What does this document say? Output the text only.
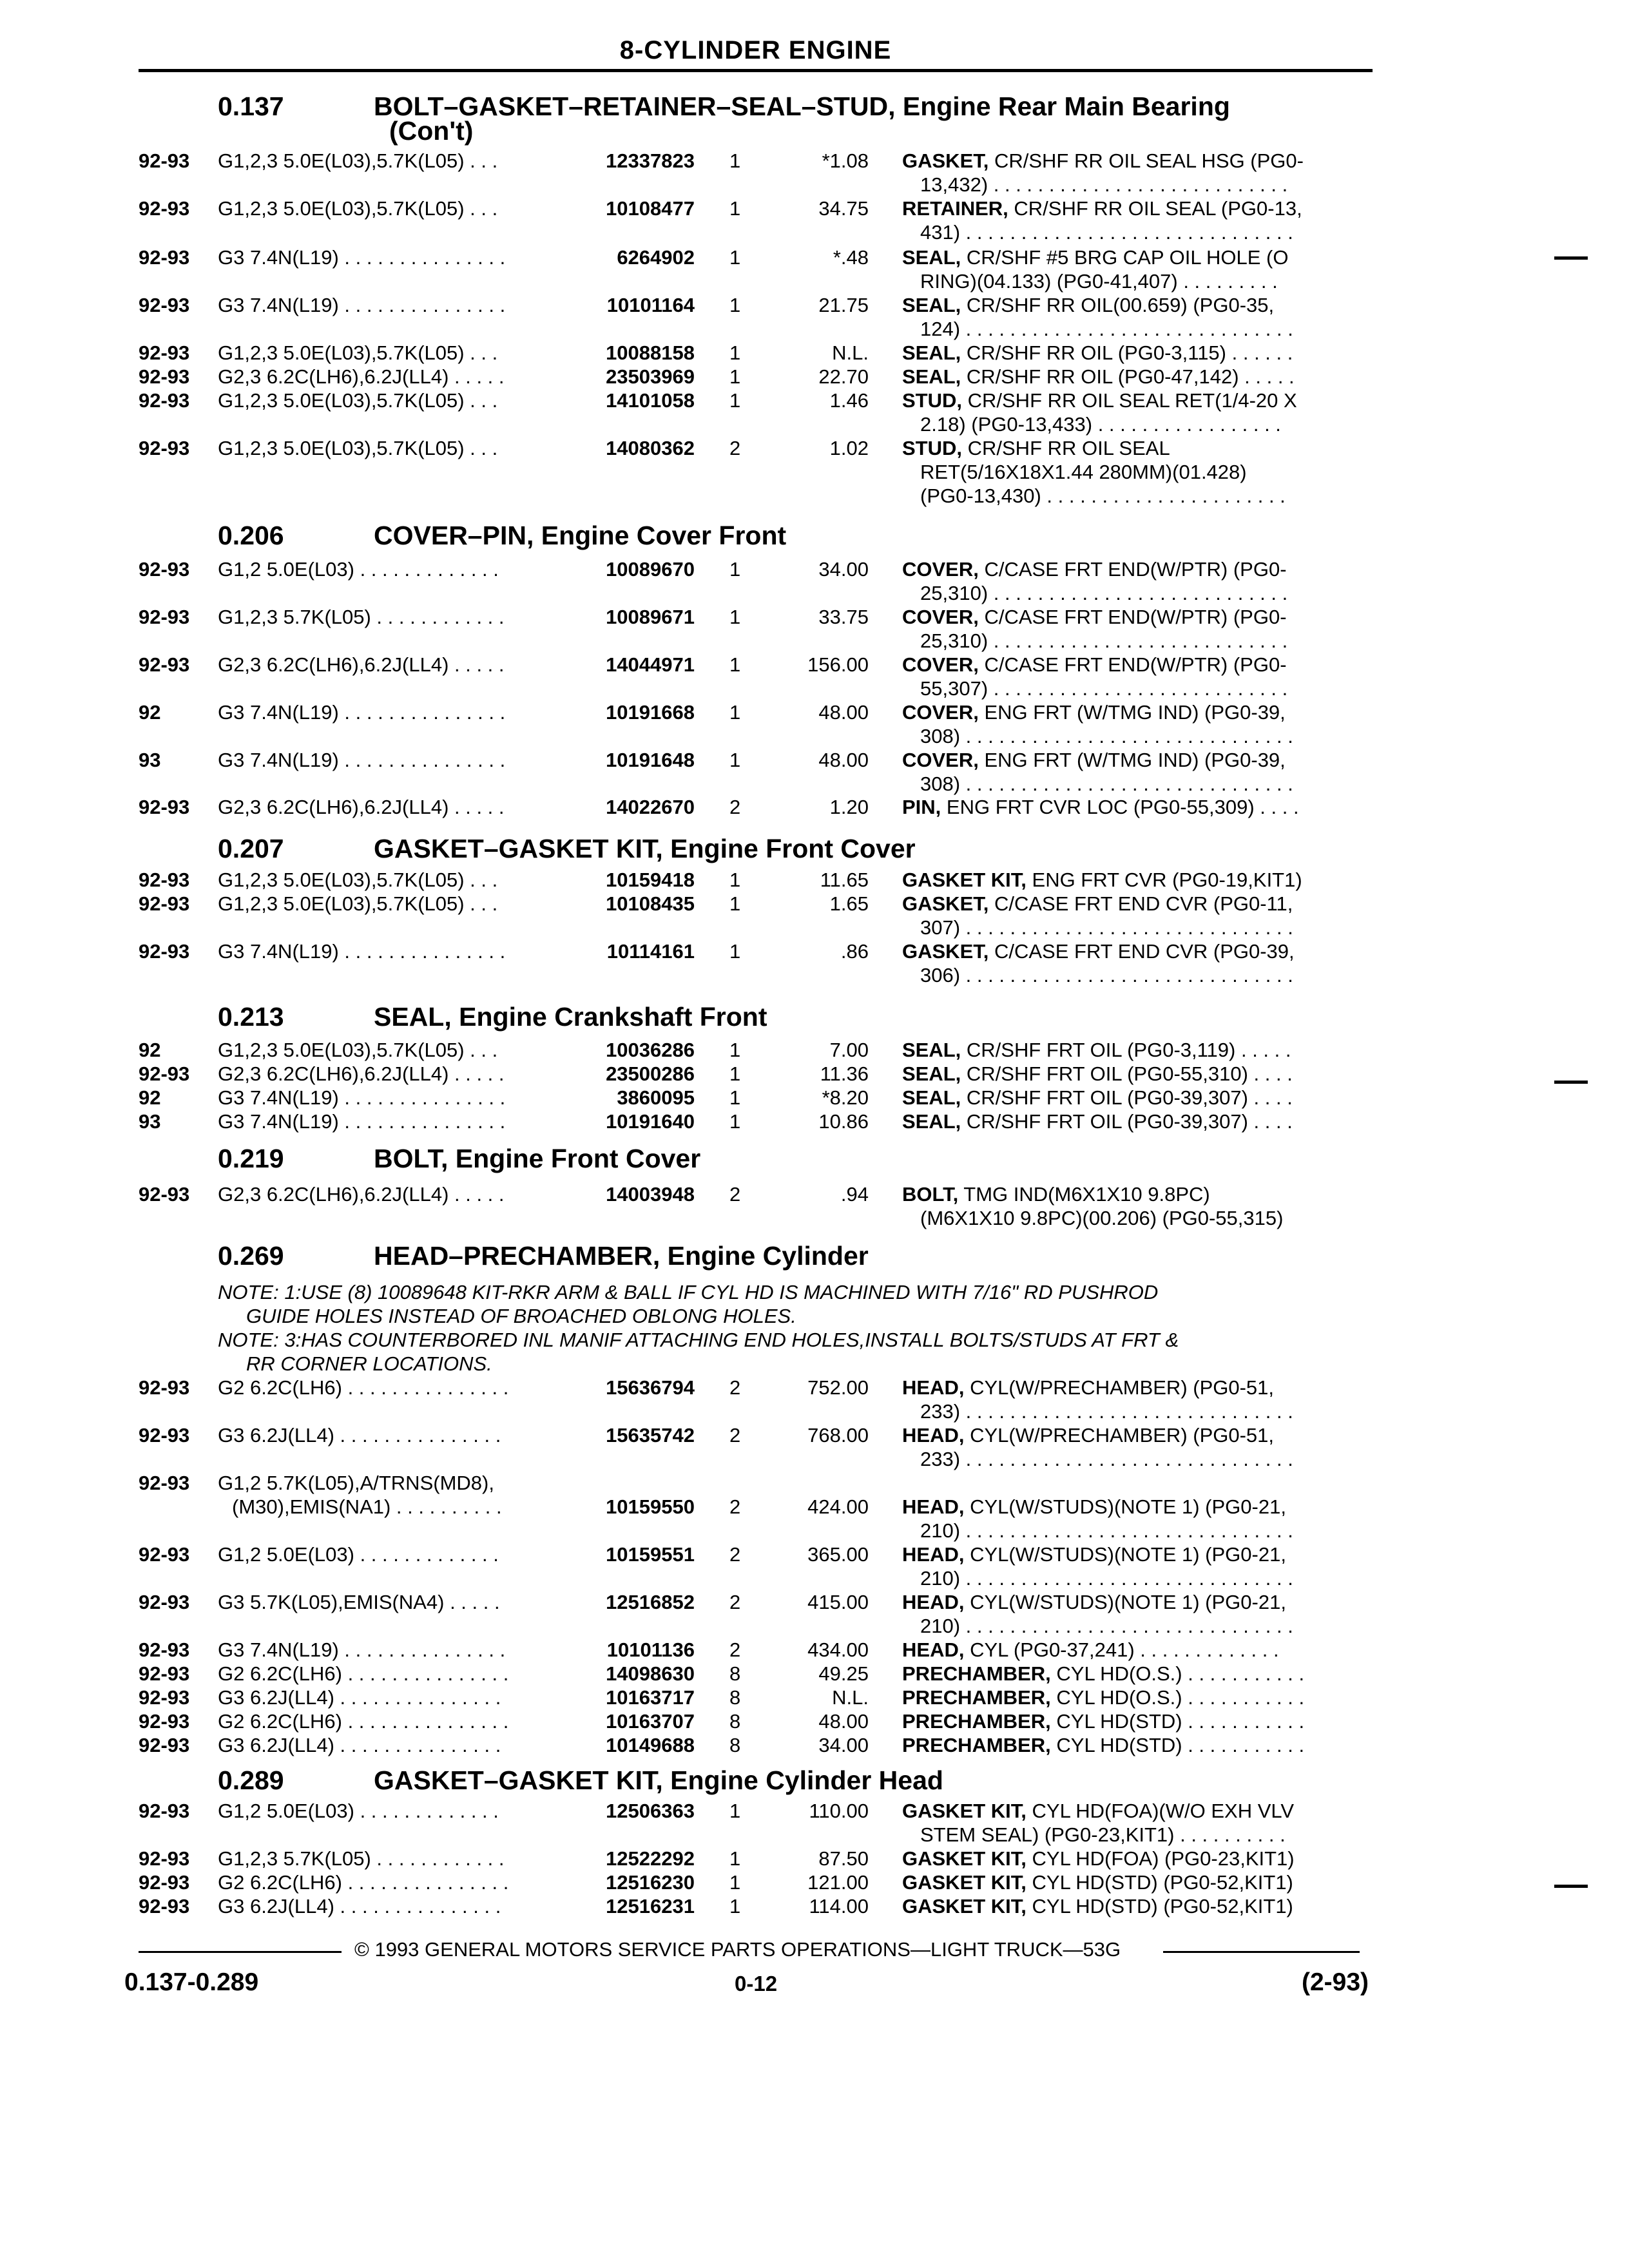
8-CYLINDER ENGINE
0.137	BOLT–GASKET–RETAINER–SEAL–STUD, Engine Rear Main Bearing
(Con't)
92-93 G1,2,3 5.0E(L03),5.7K(L05) . . .	12337823 1	*1.08 GASKET, CR/SHF RR OIL SEAL HSG (PG0-
13,432) . . . . . . . . . . . . . . . . . . . . . . . . . . .
92-93 G1,2,3 5.0E(L03),5.7K(L05) . . .	10108477 1	34.75 RETAINER, CR/SHF RR OIL SEAL (PG0-13,
431) . . . . . . . . . . . . . . . . . . . . . . . . . . . . . .
92-93 G3 7.4N(L19) . . . . . . . . . . . . . . .	6264902 1	*.48 SEAL, CR/SHF #5 BRG CAP OIL HOLE (O
RING)(04.133) (PG0-41,407) . . . . . . . . .
92-93 G3 7.4N(L19) . . . . . . . . . . . . . . .	10101164 1	21.75 SEAL, CR/SHF RR OIL(00.659) (PG0-35,
124) . . . . . . . . . . . . . . . . . . . . . . . . . . . . . .
92-93 G1,2,3 5.0E(L03),5.7K(L05) . . .	10088158 1	N.L. SEAL, CR/SHF RR OIL (PG0-3,115) . . . . . .
92-93 G2,3 6.2C(LH6),6.2J(LL4) . . . . .	23503969 1	22.70 SEAL, CR/SHF RR OIL (PG0-47,142) . . . . .
92-93 G1,2,3 5.0E(L03),5.7K(L05) . . .	14101058 1	1.46 STUD, CR/SHF RR OIL SEAL RET(1/4-20 X
2.18) (PG0-13,433) . . . . . . . . . . . . . . . . .
92-93 G1,2,3 5.0E(L03),5.7K(L05) . . .	14080362 2	1.02 STUD, CR/SHF RR OIL SEAL
RET(5/16X18X1.44 280MM)(01.428)
(PG0-13,430) . . . . . . . . . . . . . . . . . . . . . .
0.206	COVER–PIN, Engine Cover Front
92-93 G1,2 5.0E(L03) . . . . . . . . . . . . .	10089670 1	34.00 COVER, C/CASE FRT END(W/PTR) (PG0-
25,310) . . . . . . . . . . . . . . . . . . . . . . . . . . .
92-93 G1,2,3 5.7K(L05) . . . . . . . . . . . .	10089671 1	33.75 COVER, C/CASE FRT END(W/PTR) (PG0-
25,310) . . . . . . . . . . . . . . . . . . . . . . . . . . .
92-93 G2,3 6.2C(LH6),6.2J(LL4) . . . . .	14044971 1	156.00 COVER, C/CASE FRT END(W/PTR) (PG0-
55,307) . . . . . . . . . . . . . . . . . . . . . . . . . . .
92	G3 7.4N(L19) . . . . . . . . . . . . . . .	10191668 1	48.00 COVER, ENG FRT (W/TMG IND) (PG0-39,
308) . . . . . . . . . . . . . . . . . . . . . . . . . . . . . .
93	G3 7.4N(L19) . . . . . . . . . . . . . . .	10191648 1	48.00 COVER, ENG FRT (W/TMG IND) (PG0-39,
308) . . . . . . . . . . . . . . . . . . . . . . . . . . . . . .
92-93 G2,3 6.2C(LH6),6.2J(LL4) . . . . .	14022670 2	1.20 PIN, ENG FRT CVR LOC (PG0-55,309) . . . .
0.207	GASKET–GASKET KIT, Engine Front Cover
92-93 G1,2,3 5.0E(L03),5.7K(L05) . . .	10159418 1	11.65 GASKET KIT, ENG FRT CVR (PG0-19,KIT1)
92-93 G1,2,3 5.0E(L03),5.7K(L05) . . .	10108435 1	1.65 GASKET, C/CASE FRT END CVR (PG0-11,
307) . . . . . . . . . . . . . . . . . . . . . . . . . . . . . .
92-93 G3 7.4N(L19) . . . . . . . . . . . . . . .	10114161 1	.86 GASKET, C/CASE FRT END CVR (PG0-39,
306) . . . . . . . . . . . . . . . . . . . . . . . . . . . . . .
0.213	SEAL, Engine Crankshaft Front
92	G1,2,3 5.0E(L03),5.7K(L05) . . .	10036286 1	7.00 SEAL, CR/SHF FRT OIL (PG0-3,119) . . . . .
92-93 G2,3 6.2C(LH6),6.2J(LL4) . . . . .	23500286 1	11.36 SEAL, CR/SHF FRT OIL (PG0-55,310) . . . .
92	G3 7.4N(L19) . . . . . . . . . . . . . . .	3860095 1	*8.20 SEAL, CR/SHF FRT OIL (PG0-39,307) . . . .
93	G3 7.4N(L19) . . . . . . . . . . . . . . .	10191640 1	10.86 SEAL, CR/SHF FRT OIL (PG0-39,307) . . . .
0.219	BOLT, Engine Front Cover
92-93 G2,3 6.2C(LH6),6.2J(LL4) . . . . .	14003948 2	.94 BOLT, TMG IND(M6X1X10 9.8PC)
(M6X1X10 9.8PC)(00.206) (PG0-55,315)
0.269	HEAD–PRECHAMBER, Engine Cylinder
NOTE: 1:USE (8) 10089648 KIT-RKR ARM & BALL IF CYL HD IS MACHINED WITH 7/16" RD PUSHROD
GUIDE HOLES INSTEAD OF BROACHED OBLONG HOLES.
NOTE: 3:HAS COUNTERBORED INL MANIF ATTACHING END HOLES,INSTALL BOLTS/STUDS AT FRT &
RR CORNER LOCATIONS.
92-93 G2 6.2C(LH6) . . . . . . . . . . . . . . .	15636794 2	752.00 HEAD, CYL(W/PRECHAMBER) (PG0-51,
233) . . . . . . . . . . . . . . . . . . . . . . . . . . . . . .
92-93 G3 6.2J(LL4) . . . . . . . . . . . . . . .	15635742 2	768.00 HEAD, CYL(W/PRECHAMBER) (PG0-51,
233) . . . . . . . . . . . . . . . . . . . . . . . . . . . . . .
92-93 G1,2 5.7K(L05),A/TRNS(MD8),
(M30),EMIS(NA1) . . . . . . . . . .	10159550 2	424.00 HEAD, CYL(W/STUDS)(NOTE 1) (PG0-21,
210) . . . . . . . . . . . . . . . . . . . . . . . . . . . . . .
92-93 G1,2 5.0E(L03) . . . . . . . . . . . . .	10159551 2	365.00 HEAD, CYL(W/STUDS)(NOTE 1) (PG0-21,
210) . . . . . . . . . . . . . . . . . . . . . . . . . . . . . .
92-93 G3 5.7K(L05),EMIS(NA4) . . . . .	12516852 2	415.00 HEAD, CYL(W/STUDS)(NOTE 1) (PG0-21,
210) . . . . . . . . . . . . . . . . . . . . . . . . . . . . . .
92-93 G3 7.4N(L19) . . . . . . . . . . . . . . .	10101136 2	434.00 HEAD, CYL (PG0-37,241) . . . . . . . . . . . . .
92-93 G2 6.2C(LH6) . . . . . . . . . . . . . . .	14098630 8	49.25 PRECHAMBER, CYL HD(O.S.) . . . . . . . . . . .
92-93 G3 6.2J(LL4) . . . . . . . . . . . . . . .	10163717 8	N.L. PRECHAMBER, CYL HD(O.S.) . . . . . . . . . . .
92-93 G2 6.2C(LH6) . . . . . . . . . . . . . . .	10163707 8	48.00 PRECHAMBER, CYL HD(STD) . . . . . . . . . . .
92-93 G3 6.2J(LL4) . . . . . . . . . . . . . . .	10149688 8	34.00 PRECHAMBER, CYL HD(STD) . . . . . . . . . . .
0.289	GASKET–GASKET KIT, Engine Cylinder Head
92-93 G1,2 5.0E(L03) . . . . . . . . . . . . .	12506363 1	110.00 GASKET KIT, CYL HD(FOA)(W/O EXH VLV
STEM SEAL) (PG0-23,KIT1) . . . . . . . . . .
92-93 G1,2,3 5.7K(L05) . . . . . . . . . . . .	12522292 1	87.50 GASKET KIT, CYL HD(FOA) (PG0-23,KIT1)
92-93 G2 6.2C(LH6) . . . . . . . . . . . . . . .	12516230 1	121.00 GASKET KIT, CYL HD(STD) (PG0-52,KIT1)
92-93 G3 6.2J(LL4) . . . . . . . . . . . . . . .	12516231 1	114.00 GASKET KIT, CYL HD(STD) (PG0-52,KIT1)
© 1993 GENERAL MOTORS SERVICE PARTS OPERATIONS—LIGHT TRUCK—53G
0.137-0.289	0-12	(2-93)
